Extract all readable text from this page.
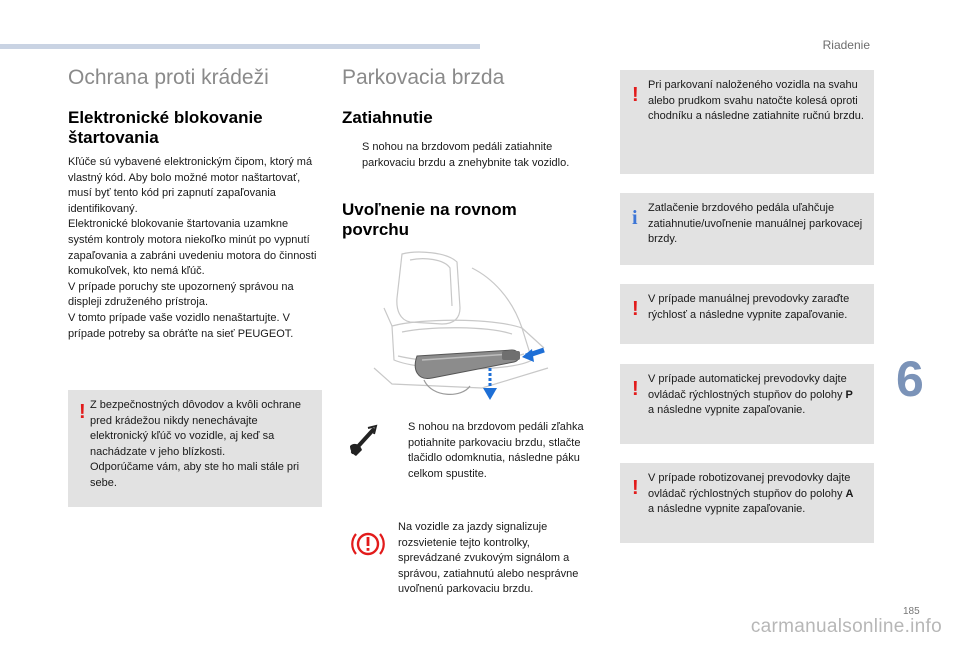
Riadenie
6
185
carmanualsonline.info
Ochrana proti krádeži
Elektronické blokovanie
štartovania
Kľúče sú vybavené elektronickým čipom, ktorý má vlastný kód. Aby bolo možné motor naštartovať, musí byť tento kód pri zapnutí zapaľovania identifikovaný.
Elektronické blokovanie štartovania uzamkne systém kontroly motora niekoľko minút po vypnutí zapaľovania a zabráni uvedeniu motora do činnosti komukoľvek, kto nemá kľúč.
V prípade poruchy ste upozornený správou na displeji združeného prístroja.
V tomto prípade vaše vozidlo nenaštartujte. V prípade potreby sa obráťte na sieť PEUGEOT.
! Z bezpečnostných dôvodov a kvôli ochrane pred krádežou nikdy nenechávajte elektronický kľúč vo vozidle, aj keď sa nachádzate v jeho blízkosti.
Odporúčame vám, aby ste ho mali stále pri sebe.
Parkovacia brzda
Zatiahnutie
S nohou na brzdovom pedáli zatiahnite parkovaciu brzdu a znehybnite tak vozidlo.
Uvoľnenie na rovnom
povrchu
S nohou na brzdovom pedáli zľahka potiahnite parkovaciu brzdu, stlačte tlačidlo odomknutia, následne páku celkom spustite.
Na vozidle za jazdy signalizuje rozsvietenie tejto kontrolky, sprevádzané zvukovým signálom a správou, zatiahnutú alebo nesprávne uvoľnenú parkovaciu brzdu.
! Pri parkovaní naloženého vozidla na svahu alebo prudkom svahu natočte kolesá oproti chodníku a následne zatiahnite ručnú brzdu.
i Zatlačenie brzdového pedála uľahčuje zatiahnutie/uvoľnenie manuálnej parkovacej brzdy.
! V prípade manuálnej prevodovky zaraďte rýchlosť a následne vypnite zapaľovanie.
! V prípade automatickej prevodovky dajte ovládač rýchlostných stupňov do polohy P
a následne vypnite zapaľovanie.
! V prípade robotizovanej prevodovky dajte ovládač rýchlostných stupňov do polohy A
a následne vypnite zapaľovanie.
